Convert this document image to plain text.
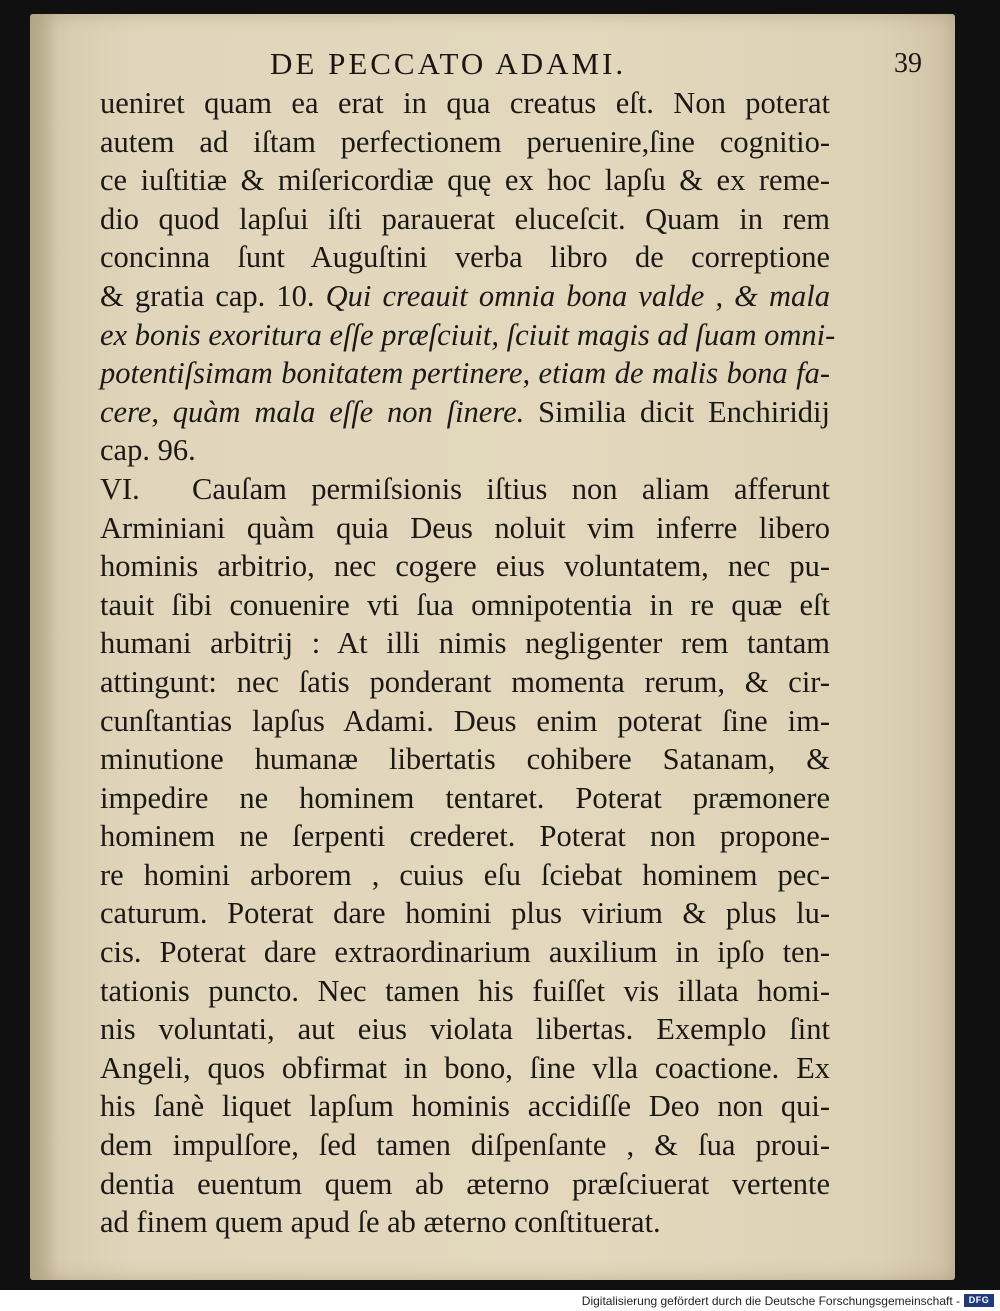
DE PECCATO ADAMI.	39
ueniret quam ea erat in qua creatus eſt. Non poterat
autem ad iſtam perfectionem peruenire,ſine cognitio-
ce iuſtitiæ & miſericordiæ quę ex hoc lapſu & ex reme-
dio quod lapſui iſti parauerat eluceſcit. Quam in rem
concinna ſunt Auguſtini verba libro de correptione
& gratia cap. 10. Qui creauit omnia bona valde , & mala
ex bonis exoritura eſſe præſciuit, ſciuit magis ad ſuam omni-
potentiſsimam bonitatem pertinere, etiam de malis bona fa-
cere, quàm mala eſſe non ſinere. Similia dicit Enchiridij
cap. 96.
VI. Cauſam permiſsionis iſtius non aliam afferunt
Arminiani quàm quia Deus noluit vim inferre libero
hominis arbitrio, nec cogere eius voluntatem, nec pu-
tauit ſibi conuenire vti ſua omnipotentia in re quæ eſt
humani arbitrij : At illi nimis negligenter rem tantam
attingunt: nec ſatis ponderant momenta rerum, & cir-
cunſtantias lapſus Adami. Deus enim poterat ſine im-
minutione humanæ libertatis cohibere Satanam, &
impedire ne hominem tentaret. Poterat præmonere
hominem ne ſerpenti crederet. Poterat non propone-
re homini arborem , cuius eſu ſciebat hominem pec-
caturum. Poterat dare homini plus virium & plus lu-
cis. Poterat dare extraordinarium auxilium in ipſo ten-
tationis puncto. Nec tamen his fuiſſet vis illata homi-
nis voluntati, aut eius violata libertas. Exemplo ſint
Angeli, quos obfirmat in bono, ſine vlla coactione. Ex
his ſanè liquet lapſum hominis accidiſſe Deo non qui-
dem impulſore, ſed tamen diſpenſante , & ſua proui-
dentia euentum quem ab æterno præſciuerat vertente
ad finem quem apud ſe ab æterno conſtituerat.
Digitalisierung gefördert durch die Deutsche Forschungsgemeinschaft - DFG
